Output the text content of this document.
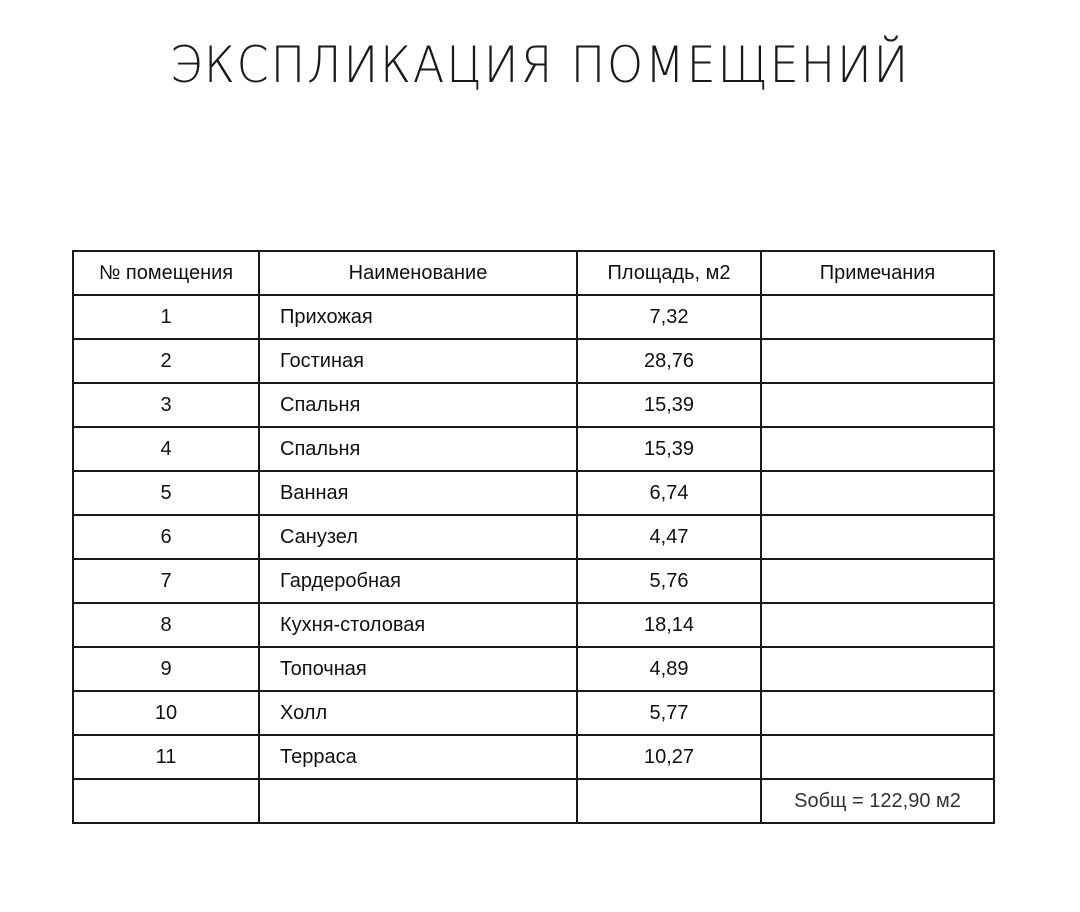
ЭКСПЛИКАЦИЯ ПОМЕЩЕНИЙ
№ помещения	Наименование	Площадь, м2	Примечания
1	Прихожая	7,32	
2	Гостиная	28,76	
3	Спальня	15,39	
4	Спальня	15,39	
5	Ванная	6,74	
6	Санузел	4,47	
7	Гардеробная	5,76	
8	Кухня-столовая	18,14	
9	Топочная	4,89	
10	Холл	5,77	
11	Терраса	10,27	
			Sобщ = 122,90 м2
